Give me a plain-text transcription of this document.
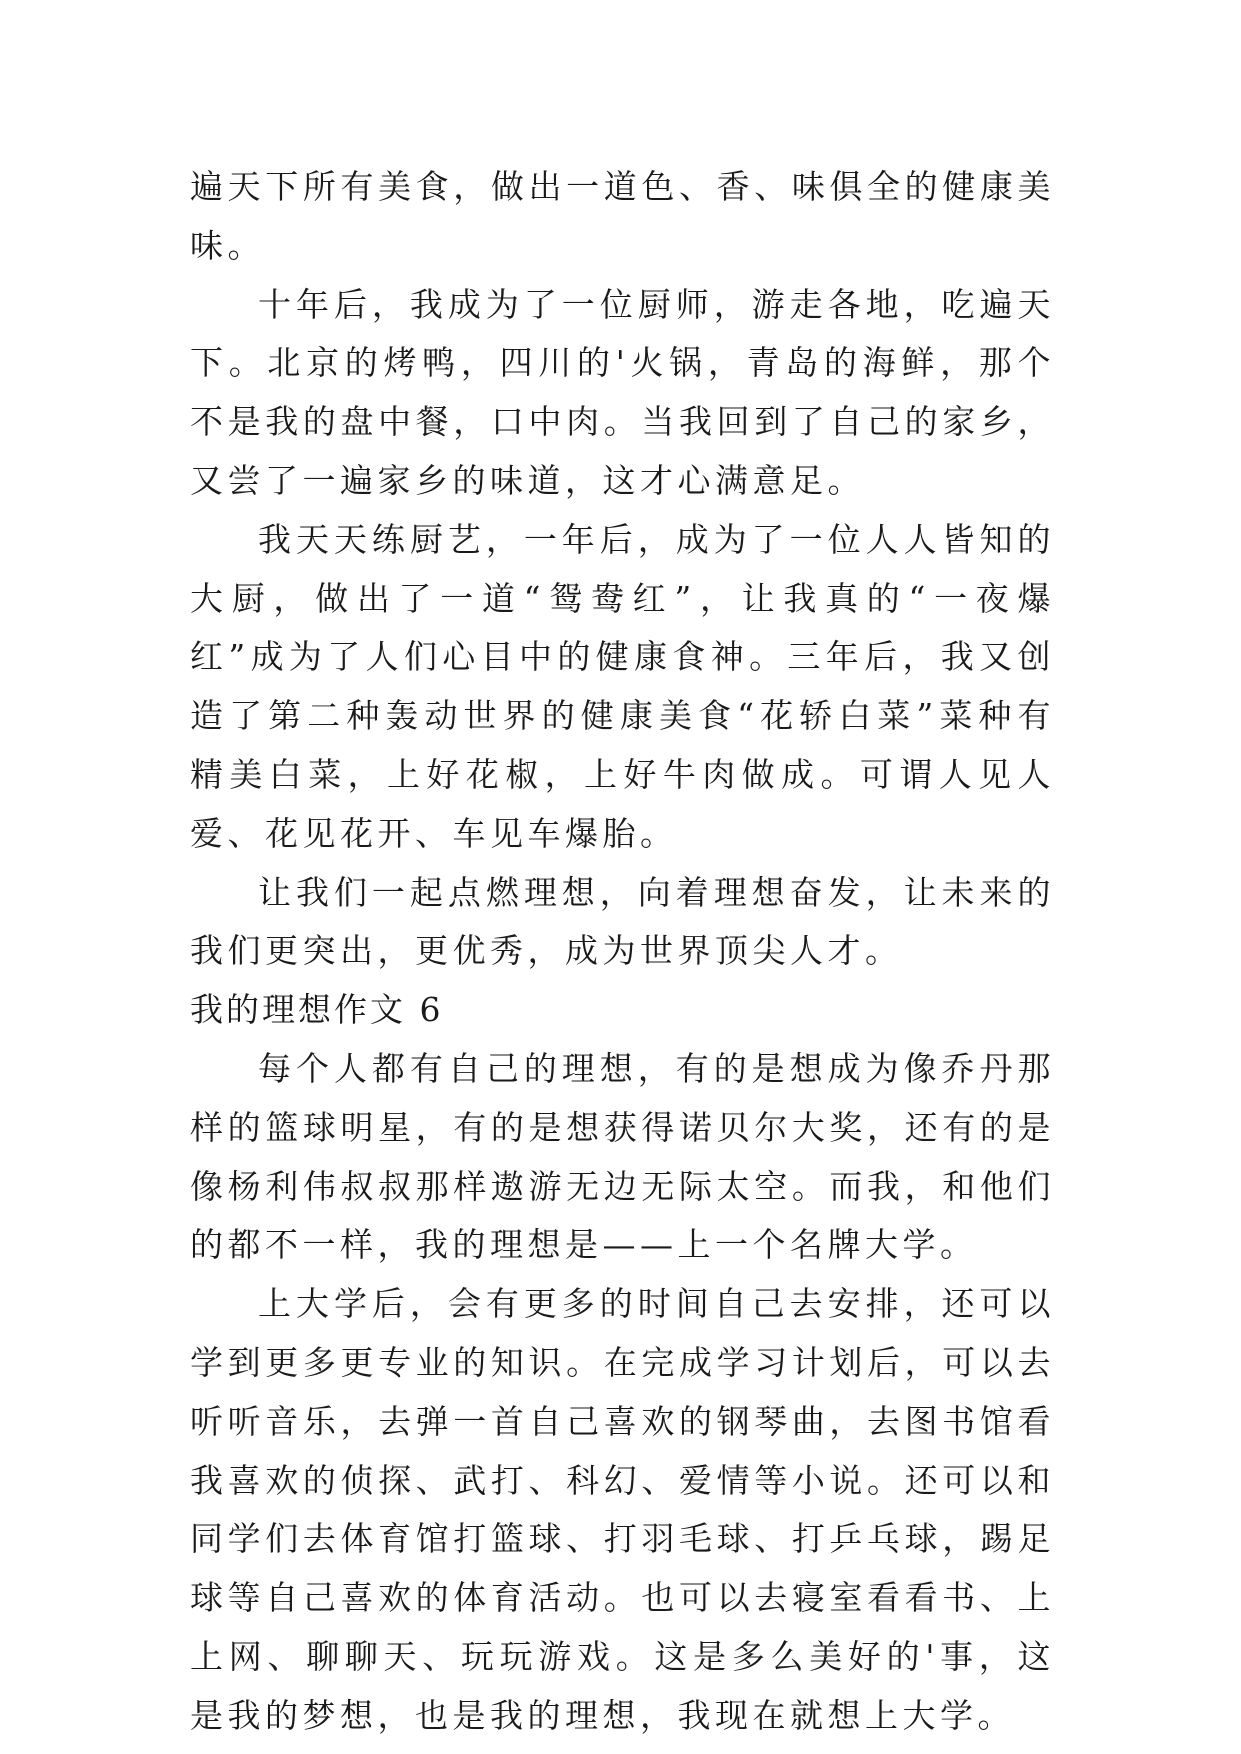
遍天下所有美食，做出一道色、香、味俱全的健康美味。

十年后，我成为了一位厨师，游走各地，吃遍天下。北京的烤鸭，四川的'火锅，青岛的海鲜，那个不是我的盘中餐，口中肉。当我回到了自己的家乡，又尝了一遍家乡的味道，这才心满意足。

我天天练厨艺，一年后，成为了一位人人皆知的大厨，做出了一道“鸳鸯红”，让我真的“一夜爆红”成为了人们心目中的健康食神。三年后，我又创造了第二种轰动世界的健康美食“花轿白菜”菜种有精美白菜，上好花椒，上好牛肉做成。可谓人见人爱、花见花开、车见车爆胎。

让我们一起点燃理想，向着理想奋发，让未来的我们更突出，更优秀，成为世界顶尖人才。

我的理想作文 6

每个人都有自己的理想，有的是想成为像乔丹那样的篮球明星，有的是想获得诺贝尔大奖，还有的是像杨利伟叔叔那样遨游无边无际太空。而我，和他们的都不一样，我的理想是——上一个名牌大学。

上大学后，会有更多的时间自己去安排，还可以学到更多更专业的知识。在完成学习计划后，可以去听听音乐，去弹一首自己喜欢的钢琴曲，去图书馆看我喜欢的侦探、武打、科幻、爱情等小说。还可以和同学们去体育馆打篮球、打羽毛球、打乒乓球，踢足球等自己喜欢的体育活动。也可以去寝室看看书、上上网、聊聊天、玩玩游戏。这是多么美好的'事，这是我的梦想，也是我的理想，我现在就想上大学。
